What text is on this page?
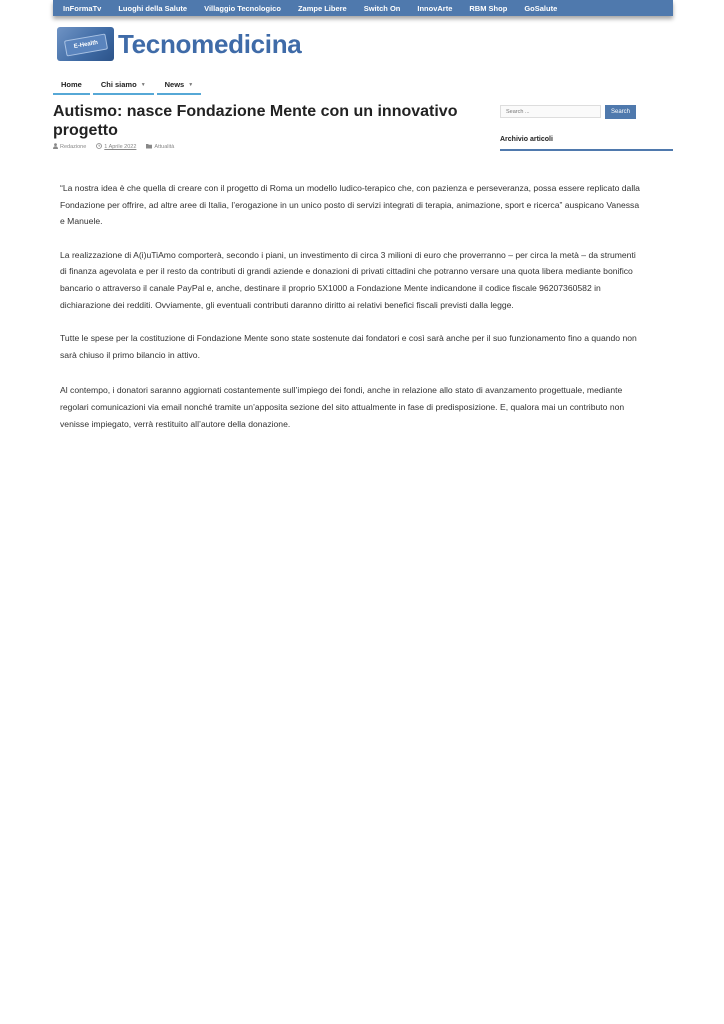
InFormaTv Luoghi della Salute Villaggio Tecnologico Zampe Libere Switch On InnovArte RBM Shop GoSalute
E-Health Tecnomedicina
Home	Chi siamo ▼	News ▼
Autismo: nasce Fondazione Mente con un innovativo progetto
Redazione	1 Aprile 2022	Attualità
Search ...
Search
Archivio articoli

“La nostra idea è che quella di creare con il progetto di Roma un modello ludico-terapico che, con pazienza e perseveranza, possa essere replicato dalla Fondazione per offrire, ad altre aree di Italia, l’erogazione in un unico posto di servizi integrati di terapia, animazione, sport e ricerca” auspicano Vanessa e Manuele.

La realizzazione di A(i)uTiAmo comporterà, secondo i piani, un investimento di circa 3 milioni di euro che proverranno – per circa la metà – da strumenti di finanza agevolata e per il resto da contributi di grandi aziende e donazioni di privati cittadini che potranno versare una quota libera mediante bonifico bancario o attraverso il canale PayPal e, anche, destinare il proprio 5X1000 a Fondazione Mente indicandone il codice fiscale 96207360582 in dichiarazione dei redditi. Ovviamente, gli eventuali contributi daranno diritto ai relativi benefici fiscali previsti dalla legge.

Tutte le spese per la costituzione di Fondazione Mente sono state sostenute dai fondatori e così sarà anche per il suo funzionamento fino a quando non sarà chiuso il primo bilancio in attivo.

Al contempo, i donatori saranno aggiornati costantemente sull’impiego dei fondi, anche in relazione allo stato di avanzamento progettuale, mediante regolari comunicazioni via email nonché tramite un’apposita sezione del sito attualmente in fase di predisposizione. E, qualora mai un contributo non venisse impiegato, verrà restituito all’autore della donazione.
